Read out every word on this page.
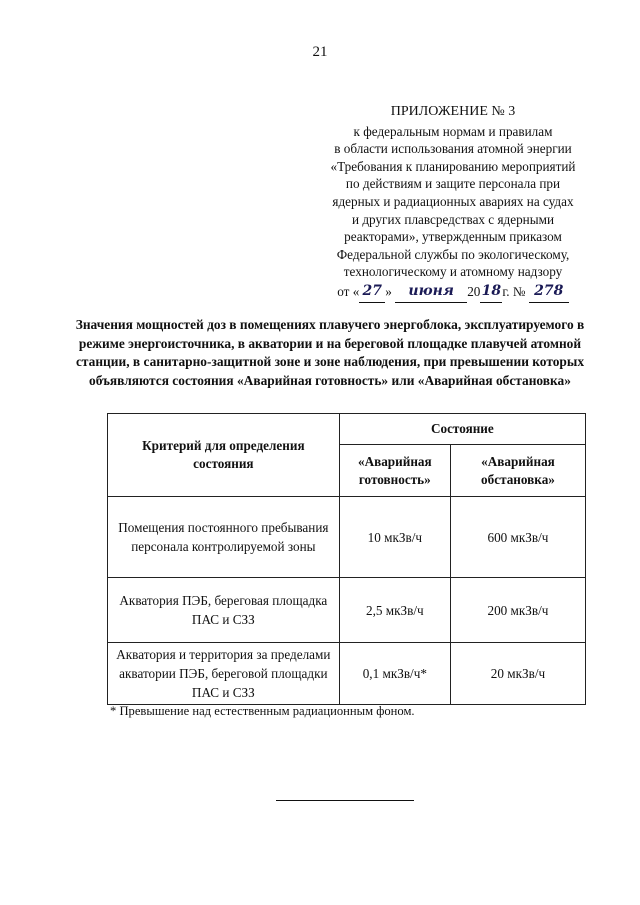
21
ПРИЛОЖЕНИЕ № 3
к федеральным нормам и правилам
в области использования атомной энергии
«Требования к планированию мероприятий
по действиям и защите персонала при
ядерных и радиационных авариях на судах
и других плавсредствах с ядерными
реакторами», утвержденным приказом
Федеральной службы по экологическому,
технологическому и атомному надзору
от « 27 » июня 2018г. № 278
Значения мощностей доз в помещениях плавучего энергоблока, эксплуатируемого в режиме энергоисточника, в акватории и на береговой площадке плавучей атомной станции, в санитарно-защитной зоне и зоне наблюдения, при превышении которых объявляются состояния «Аварийная готовность» или «Аварийная обстановка»
Критерий для определения состояния	Состояние	
	«Аварийная готовность»	«Аварийная обстановка»
Помещения постоянного пребывания персонала контролируемой зоны	10 мкЗв/ч	600 мкЗв/ч
Акватория ПЭБ, береговая площадка ПАС и СЗЗ	2,5 мкЗв/ч	200 мкЗв/ч
Акватория и территория за пределами акватории ПЭБ, береговой площадки ПАС и СЗЗ	0,1 мкЗв/ч*	20 мкЗв/ч
* Превышение над естественным радиационным фоном.
